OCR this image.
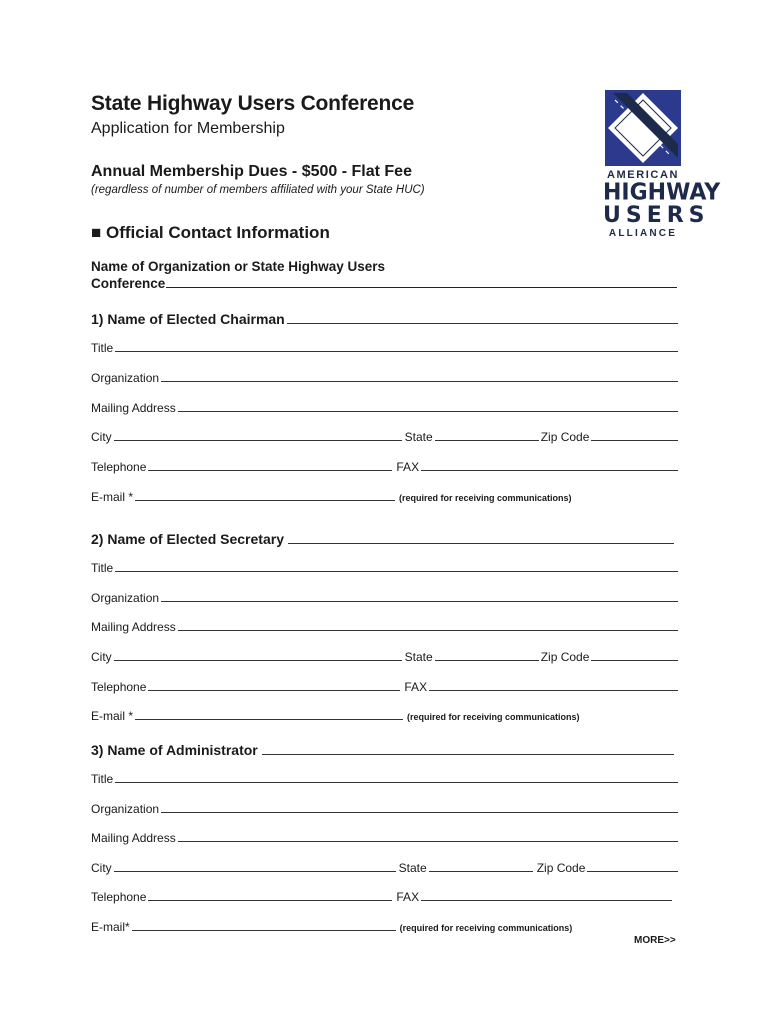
State Highway Users Conference
Application for Membership
Annual Membership Dues - $500 - Flat Fee
(regardless of number of members affiliated with your State HUC)
■ Official Contact Information
Name of Organization or State Highway Users
Conference
AMERICAN
HIGHWAY
USERS
ALLIANCE
1) Name of Elected Chairman
Title
Organization
Mailing Address
City	State	Zip Code
Telephone	FAX
E-mail *	(required for receiving communications)
2) Name of Elected Secretary
Title
Organization
Mailing Address
City	State	Zip Code
Telephone	FAX
E-mail *	(required for receiving communications)
3) Name of Administrator
Title
Organization
Mailing Address
City	State	Zip Code
Telephone	FAX
E-mail*	(required for receiving communications)
MORE>>
